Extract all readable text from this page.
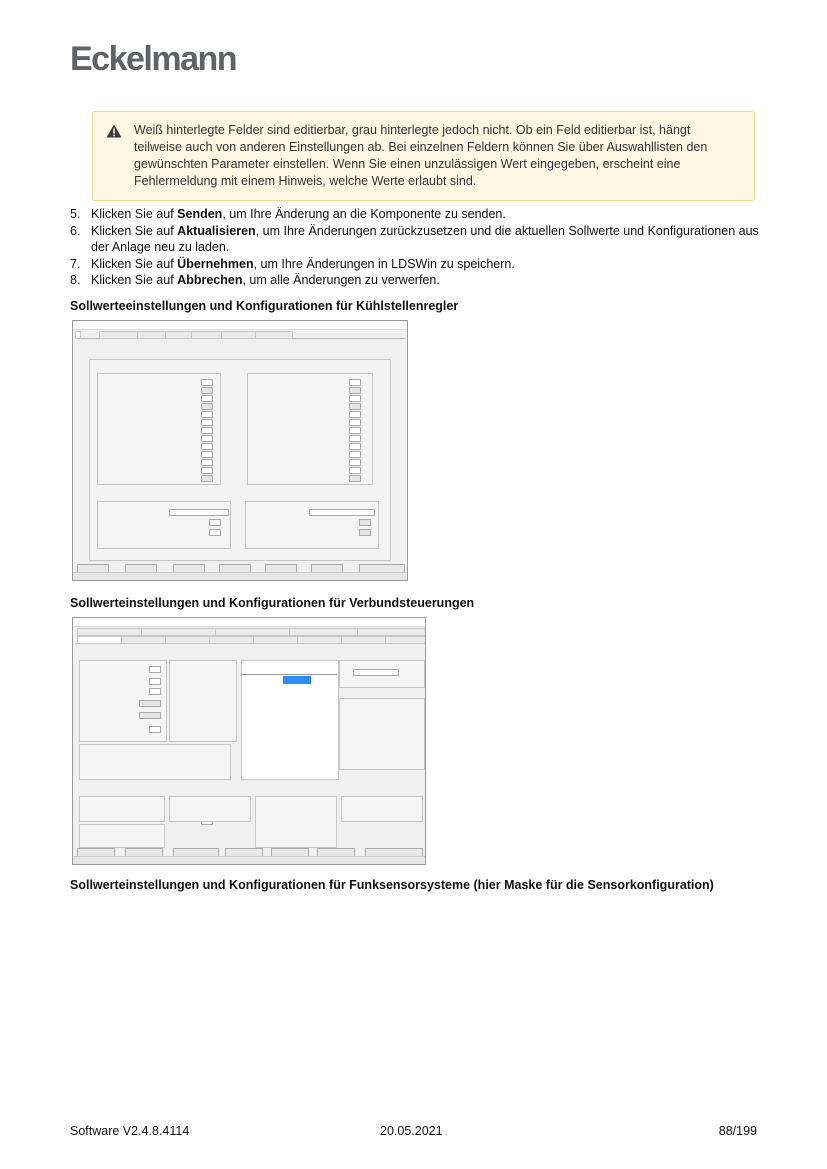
Eckelmann
Weiß hinterlegte Felder sind editierbar, grau hinterlegte jedoch nicht. Ob ein Feld editierbar ist, hängt teilweise auch von anderen Einstellungen ab. Bei einzelnen Feldern können Sie über Auswahllisten den gewünschten Parameter einstellen. Wenn Sie einen unzulässigen Wert eingegeben, erscheint eine Fehlermeldung mit einem Hinweis, welche Werte erlaubt sind.
5. Klicken Sie auf Senden, um Ihre Änderung an die Komponente zu senden.
6. Klicken Sie auf Aktualisieren, um Ihre Änderungen zurückzusetzen und die aktuellen Sollwerte und Konfigurationen aus der Anlage neu zu laden.
7. Klicken Sie auf Übernehmen, um Ihre Änderungen in LDSWin zu speichern.
8. Klicken Sie auf Abbrechen, um alle Änderungen zu verwerfen.
Sollwerteeinstellungen und Konfigurationen für Kühlstellenregler
Sollwerteinstellungen und Konfigurationen für Verbundsteuerungen
Sollwerteinstellungen und Konfigurationen für Funksensorsysteme (hier Maske für die Sensorkonfiguration)
Software V2.4.8.4114	20.05.2021	88/199
